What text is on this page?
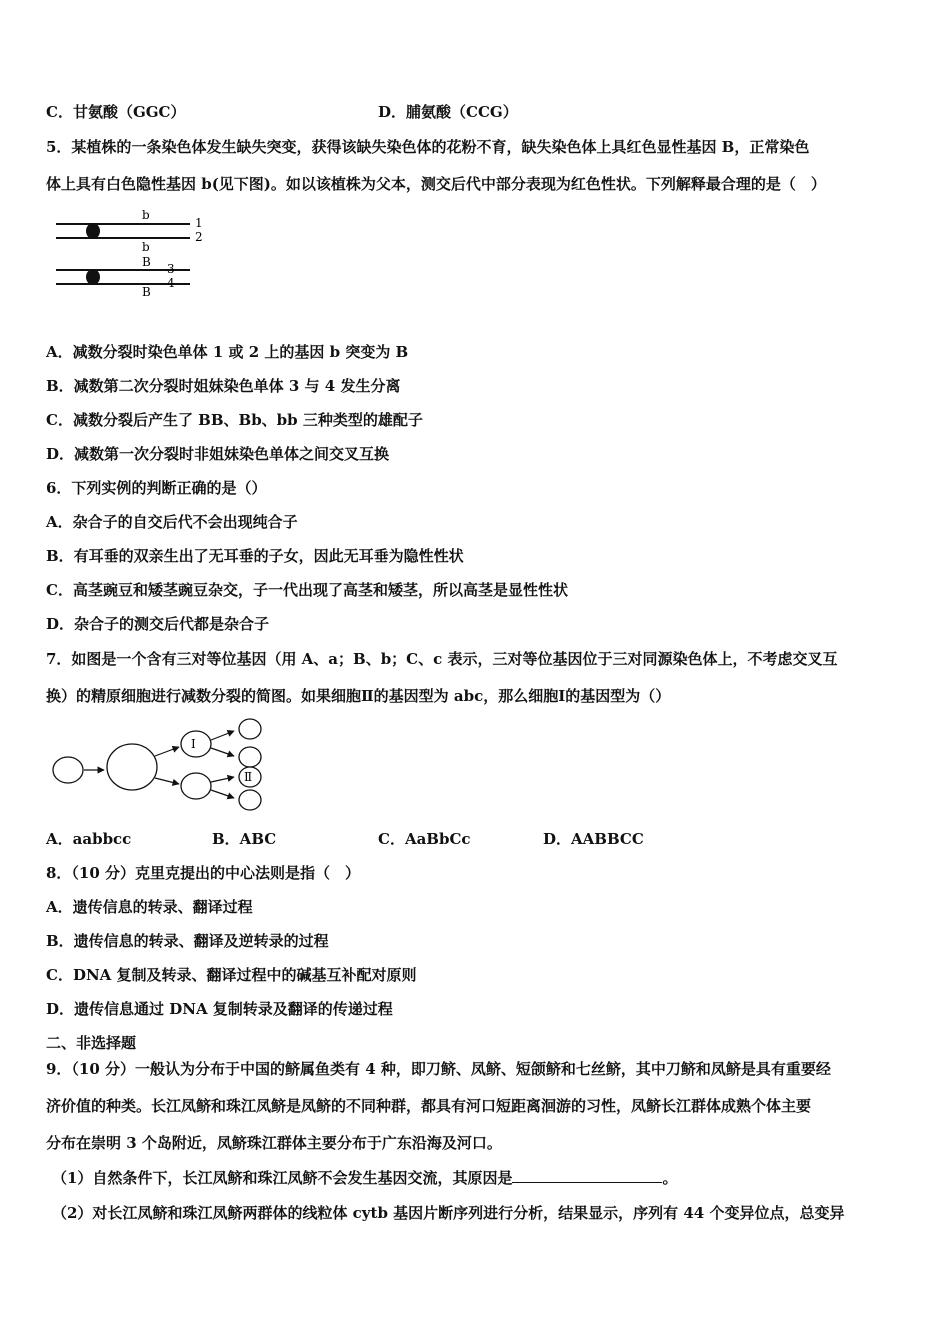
C．甘氨酸（GGC）	D．脯氨酸（CCG）
5．某植株的一条染色体发生缺失突变，获得该缺失染色体的花粉不育，缺失染色体上具红色显性基因 B，正常染色
体上具有白色隐性基因 b(见下图)。如以该植株为父本，测交后代中部分表现为红色性状。下列解释最合理的是（　）
b
b
B
B
1
2
3
4
A．减数分裂时染色单体 1 或 2 上的基因 b 突变为 B
B．减数第二次分裂时姐妹染色单体 3 与 4 发生分离
C．减数分裂后产生了 BB、Bb、bb 三种类型的雄配子
D．减数第一次分裂时非姐妹染色单体之间交叉互换
6．下列实例的判断正确的是（）
A．杂合子的自交后代不会出现纯合子
B．有耳垂的双亲生出了无耳垂的子女，因此无耳垂为隐性性状
C．高茎豌豆和矮茎豌豆杂交，子一代出现了高茎和矮茎，所以高茎是显性性状
D．杂合子的测交后代都是杂合子
7．如图是一个含有三对等位基因（用 A、a；B、b；C、c 表示，三对等位基因位于三对同源染色体上，不考虑交叉互
换）的精原细胞进行减数分裂的简图。如果细胞Ⅱ的基因型为 abc，那么细胞Ⅰ的基因型为（）
Ⅰ
Ⅱ
A．aabbcc	B．ABC	C．AaBbCc	D．AABBCC
8．（10 分）克里克提出的中心法则是指（　）
A．遗传信息的转录、翻译过程
B．遗传信息的转录、翻译及逆转录的过程
C．DNA 复制及转录、翻译过程中的碱基互补配对原则
D．遗传信息通过 DNA 复制转录及翻译的传递过程
二、非选择题
9．（10 分）一般认为分布于中国的鲚属鱼类有 4 种，即刀鲚、凤鲚、短颌鲚和七丝鲚，其中刀鲚和凤鲚是具有重要经
济价值的种类。长江凤鲚和珠江凤鲚是凤鲚的不同种群，都具有河口短距离洄游的习性，凤鲚长江群体成熟个体主要
分布在崇明 3 个岛附近，凤鲚珠江群体主要分布于广东沿海及河口。
（1）自然条件下，长江凤鲚和珠江凤鲚不会发生基因交流，其原因是	。
（2）对长江凤鲚和珠江凤鲚两群体的线粒体 cytb 基因片断序列进行分析，结果显示，序列有 44 个变异位点，总变异
